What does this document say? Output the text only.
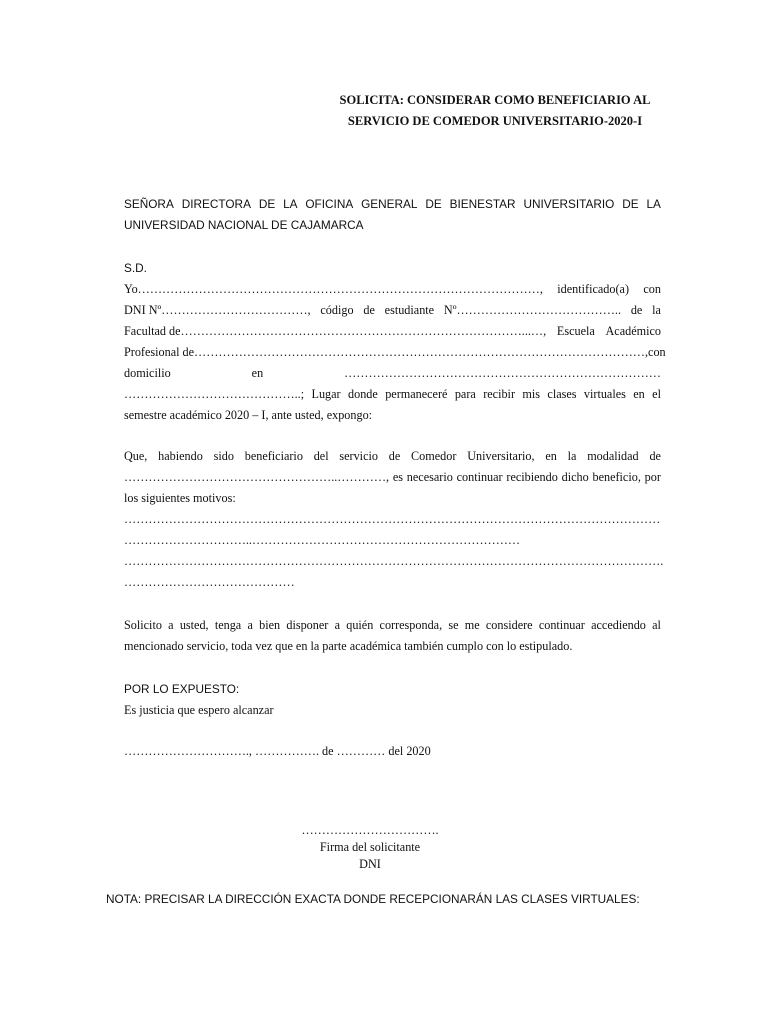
SOLICITA: CONSIDERAR COMO BENEFICIARIO AL
SERVICIO DE COMEDOR UNIVERSITARIO-2020-I
SEÑORA DIRECTORA DE LA OFICINA GENERAL DE BIENESTAR UNIVERSITARIO DE LA
UNIVERSIDAD NACIONAL DE CAJAMARCA
S.D.
Yo………………………………………………………………………………………, identificado(a) con
DNI Nº………………………………, código de estudiante Nº………………………………….. de la
Facultad de…………………………………………………………………………...…, Escuela Académico
Profesional de…………………………………………………………………………………………………, con
domicilio	en	……………………………………………………………………
……………………………………..; Lugar donde permaneceré para recibir mis clases virtuales en el
semestre académico 2020 – I, ante usted, expongo:
Que, habiendo sido beneficiario del servicio de Comedor Universitario, en la modalidad de
……………………………………………..…………, es necesario continuar recibiendo dicho beneficio, por
los siguientes motivos:
……………………………………………………………………………………………………………………
…………………………..…………………………………………………………
…………………………………………………………………………………………………………………….
……………………………………
Solicito a usted, tenga a bien disponer a quién corresponda, se me considere continuar accediendo al
mencionado servicio, toda vez que en la parte académica también cumplo con lo estipulado.
POR LO EXPUESTO:
Es justicia que espero alcanzar
…………………………., ……………. de ………… del 2020
…………………………….
Firma del solicitante
DNI
NOTA: PRECISAR LA DIRECCIÓN EXACTA DONDE RECEPCIONARÁN LAS CLASES VIRTUALES:
